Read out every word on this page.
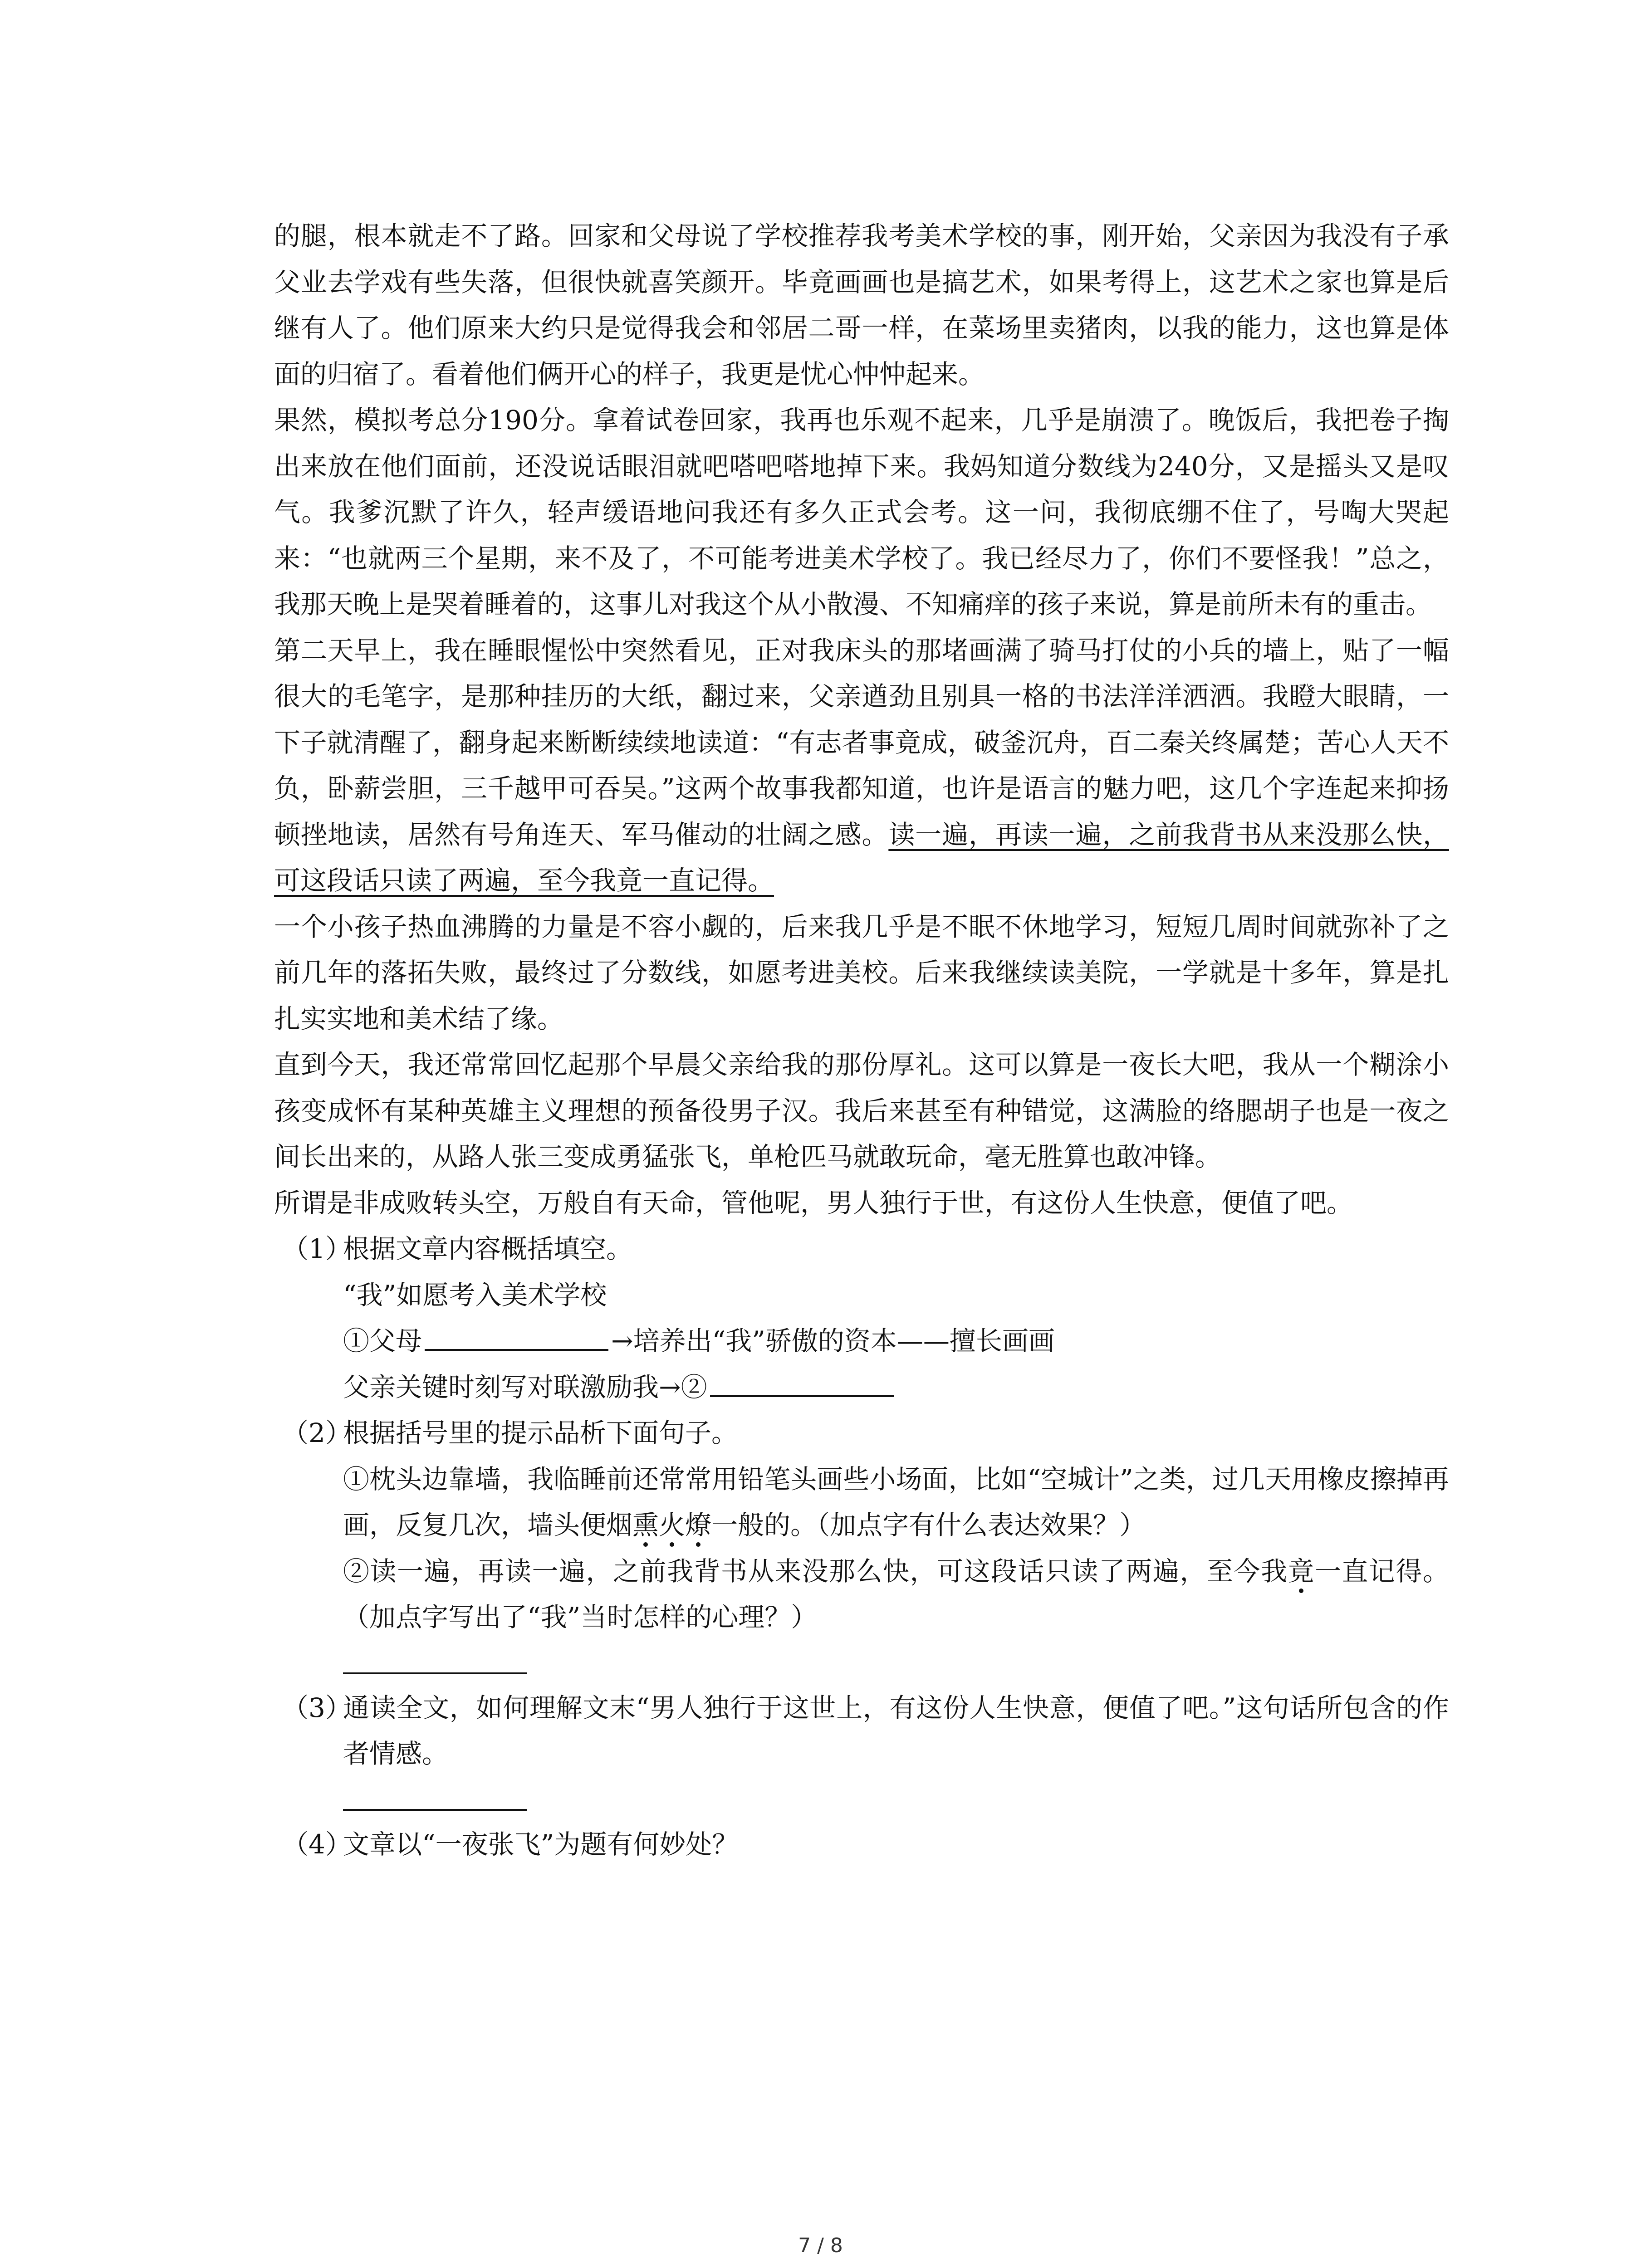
的腿，根本就走不了路。回家和父母说了学校推荐我考美术学校的事，刚开始，父亲因为我没有子承父业去学戏有些失落，但很快就喜笑颜开。毕竟画画也是搞艺术，如果考得上，这艺术之家也算是后继有人了。他们原来大约只是觉得我会和邻居二哥一样，在菜场里卖猪肉，以我的能力，这也算是体面的归宿了。看着他们俩开心的样子，我更是忧心忡忡起来。

果然，模拟考总分190分。拿着试卷回家，我再也乐观不起来，几乎是崩溃了。晚饭后，我把卷子掏出来放在他们面前，还没说话眼泪就吧嗒吧嗒地掉下来。我妈知道分数线为240分，又是摇头又是叹气。我爹沉默了许久，轻声缓语地问我还有多久正式会考。这一问，我彻底绷不住了，号啕大哭起来：“也就两三个星期，来不及了，不可能考进美术学校了。我已经尽力了，你们不要怪我！”总之，我那天晚上是哭着睡着的，这事儿对我这个从小散漫、不知痛痒的孩子来说，算是前所未有的重击。

第二天早上，我在睡眼惺忪中突然看见，正对我床头的那堵画满了骑马打仗的小兵的墙上，贴了一幅很大的毛笔字，是那种挂历的大纸，翻过来，父亲遒劲且别具一格的书法洋洋洒洒。我瞪大眼睛，一下子就清醒了，翻身起来断断续续地读道：“有志者事竟成，破釜沉舟，百二秦关终属楚；苦心人天不负，卧薪尝胆，三千越甲可吞吴。”这两个故事我都知道，也许是语言的魅力吧，这几个字连起来抑扬顿挫地读，居然有号角连天、军马催动的壮阔之感。读一遍，再读一遍，之前我背书从来没那么快，可这段话只读了两遍，至今我竟一直记得。

一个小孩子热血沸腾的力量是不容小觑的，后来我几乎是不眠不休地学习，短短几周时间就弥补了之前几年的落拓失败，最终过了分数线，如愿考进美校。后来我继续读美院，一学就是十多年，算是扎扎实实地和美术结了缘。

直到今天，我还常常回忆起那个早晨父亲给我的那份厚礼。这可以算是一夜长大吧，我从一个糊涂小孩变成怀有某种英雄主义理想的预备役男子汉。我后来甚至有种错觉，这满脸的络腮胡子也是一夜之间长出来的，从路人张三变成勇猛张飞，单枪匹马就敢玩命，毫无胜算也敢冲锋。

所谓是非成败转头空，万般自有天命，管他呢，男人独行于世，有这份人生快意，便值了吧。

（1）
根据文章内容概括填空。

“我”如愿考入美术学校

①父母	→培养出“我”骄傲的资本——擅长画画

父亲关键时刻写对联激励我→②

（2）
根据括号里的提示品析下面句子。

①枕头边靠墙，我临睡前还常常用铅笔头画些小场面，比如“空城计”之类，过几天用橡皮擦掉再画，反复几次，墙头便烟熏火燎一般的。（加点字有什么表达效果？）

②读一遍，再读一遍，之前我背书从来没那么快，可这段话只读了两遍，至今我竟一直记得。（加点字写出了“我”当时怎样的心理？）

（3）
通读全文，如何理解文末“男人独行于这世上，有这份人生快意，便值了吧。”这句话所包含的作者情感。
（4）
文章以“一夜张飞”为题有何妙处？
7 / 8
